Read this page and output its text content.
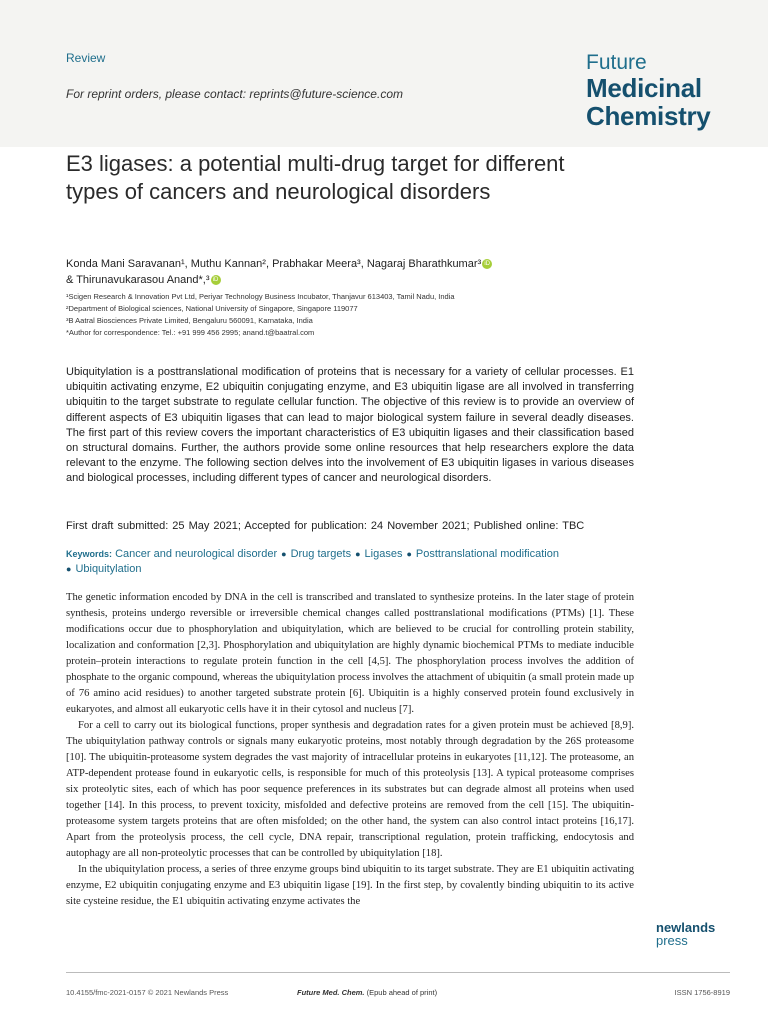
Review
For reprint orders, please contact: reprints@future-science.com
Future
Medicinal
Chemistry
E3 ligases: a potential multi-drug target for different types of cancers and neurological disorders
Konda Mani Saravanan¹, Muthu Kannan², Prabhakar Meera³, Nagaraj Bharathkumar³ iD
& Thirunavukarasou Anand*,³ iD
¹Scigen Research & Innovation Pvt Ltd, Periyar Technology Business Incubator, Thanjavur 613403, Tamil Nadu, India
²Department of Biological sciences, National University of Singapore, Singapore 119077
³B Aatral Biosciences Private Limited, Bengaluru 560091, Karnataka, India
*Author for correspondence: Tel.: +91 999 456 2995; anand.t@baatral.com

Ubiquitylation is a posttranslational modification of proteins that is necessary for a variety of cellular processes. E1 ubiquitin activating enzyme, E2 ubiquitin conjugating enzyme, and E3 ubiquitin ligase are all involved in transferring ubiquitin to the target substrate to regulate cellular function. The objective of this review is to provide an overview of different aspects of E3 ubiquitin ligases that can lead to major biological system failure in several deadly diseases. The first part of this review covers the important characteristics of E3 ubiquitin ligases and their classification based on structural domains. Further, the authors provide some online resources that help researchers explore the data relevant to the enzyme. The following section delves into the involvement of E3 ubiquitin ligases in various diseases and biological processes, including different types of cancer and neurological disorders.

First draft submitted: 25 May 2021; Accepted for publication: 24 November 2021; Published online: TBC
Keywords: Cancer and neurological disorder ● Drug targets ● Ligases ● Posttranslational modification
● Ubiquitylation

The genetic information encoded by DNA in the cell is transcribed and translated to synthesize proteins. In the later stage of protein synthesis, proteins undergo reversible or irreversible chemical changes called posttranslational modifications (PTMs) [1]. These modifications occur due to phosphorylation and ubiquitylation, which are believed to be crucial for controlling protein stability, localization and conformation [2,3]. Phosphorylation and ubiquitylation are highly dynamic biochemical PTMs to mediate inducible protein–protein interactions to regulate protein function in the cell [4,5]. The phosphorylation process involves the addition of phosphate to the organic compound, whereas the ubiquitylation process involves the attachment of ubiquitin (a small protein made up of 76 amino acid residues) to another targeted substrate protein [6]. Ubiquitin is a highly conserved protein found exclusively in eukaryotes, and almost all eukaryotic cells have it in their cytosol and nucleus [7].

For a cell to carry out its biological functions, proper synthesis and degradation rates for a given protein must be achieved [8,9]. The ubiquitylation pathway controls or signals many eukaryotic proteins, most notably through degradation by the 26S proteasome [10]. The ubiquitin-proteasome system degrades the vast majority of intracellular proteins in eukaryotes [11,12]. The proteasome, an ATP-dependent protease found in eukaryotic cells, is responsible for much of this proteolysis [13]. A typical proteasome comprises six proteolytic sites, each of which has poor sequence preferences in its substrates but can degrade almost all proteins when used together [14]. In this process, to prevent toxicity, misfolded and defective proteins are removed from the cell [15]. The ubiquitin-proteasome system targets proteins that are often misfolded; on the other hand, the system can also control intact proteins [16,17]. Apart from the proteolysis process, the cell cycle, DNA repair, transcriptional regulation, protein trafficking, endocytosis and autophagy are all non-proteolytic processes that can be controlled by ubiquitylation [18].

In the ubiquitylation process, a series of three enzyme groups bind ubiquitin to its target substrate. They are E1 ubiquitin activating enzyme, E2 ubiquitin conjugating enzyme and E3 ubiquitin ligase [19]. In the first step, by covalently binding ubiquitin to its active site cysteine residue, the E1 ubiquitin activating enzyme activates the

newlands
press
10.4155/fmc-2021-0157 © 2021 Newlands Press	Future Med. Chem. (Epub ahead of print)	ISSN 1756-8919
